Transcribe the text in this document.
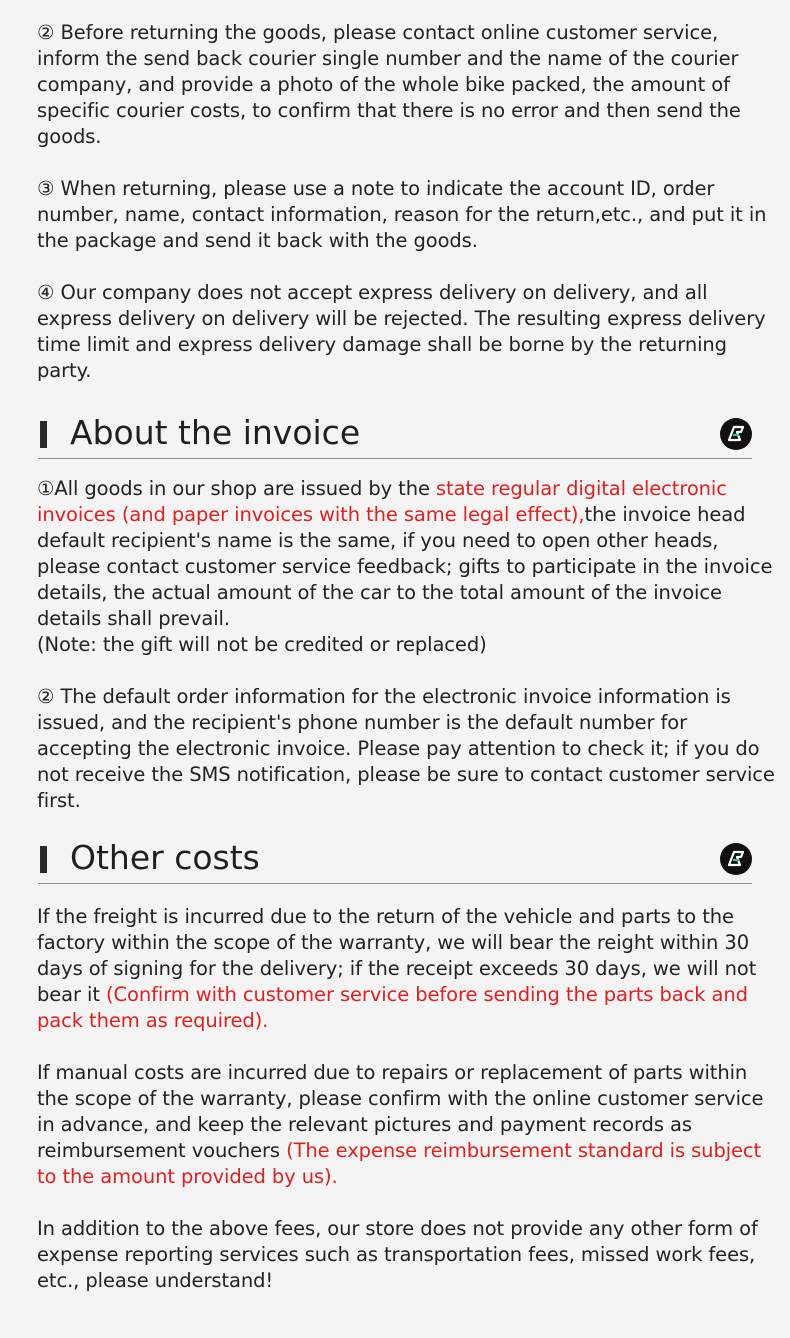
② Before returning the goods, please contact online customer service, inform the send back courier single number and the name of the courier company, and provide a photo of the whole bike packed, the amount of specific courier costs, to confirm that there is no error and then send the goods.

③ When returning, please use a note to indicate the account ID, order number, name, contact information, reason for the return,etc., and put it in the package and send it back with the goods.

④ Our company does not accept express delivery on delivery, and all express delivery on delivery will be rejected. The resulting express delivery time limit and express delivery damage shall be borne by the returning party.

About the invoice

①All goods in our shop are issued by the state regular digital electronic invoices (and paper invoices with the same legal effect),the invoice head default recipient's name is the same, if you need to open other heads, please contact customer service feedback; gifts to participate in the invoice details, the actual amount of the car to the total amount of the invoice details shall prevail.
(Note: the gift will not be credited or replaced)

② The default order information for the electronic invoice information is issued, and the recipient's phone number is the default number for accepting the electronic invoice. Please pay attention to check it; if you do not receive the SMS notification, please be sure to contact customer service first.

Other costs

If the freight is incurred due to the return of the vehicle and parts to the factory within the scope of the warranty, we will bear the reight within 30 days of signing for the delivery; if the receipt exceeds 30 days, we will not bear it (Confirm with customer service before sending the parts back and pack them as required).

If manual costs are incurred due to repairs or replacement of parts within the scope of the warranty, please confirm with the online customer service in advance, and keep the relevant pictures and payment records as reimbursement vouchers (The expense reimbursement standard is subject to the amount provided by us).

In addition to the above fees, our store does not provide any other form of expense reporting services such as transportation fees, missed work fees, etc., please understand!
